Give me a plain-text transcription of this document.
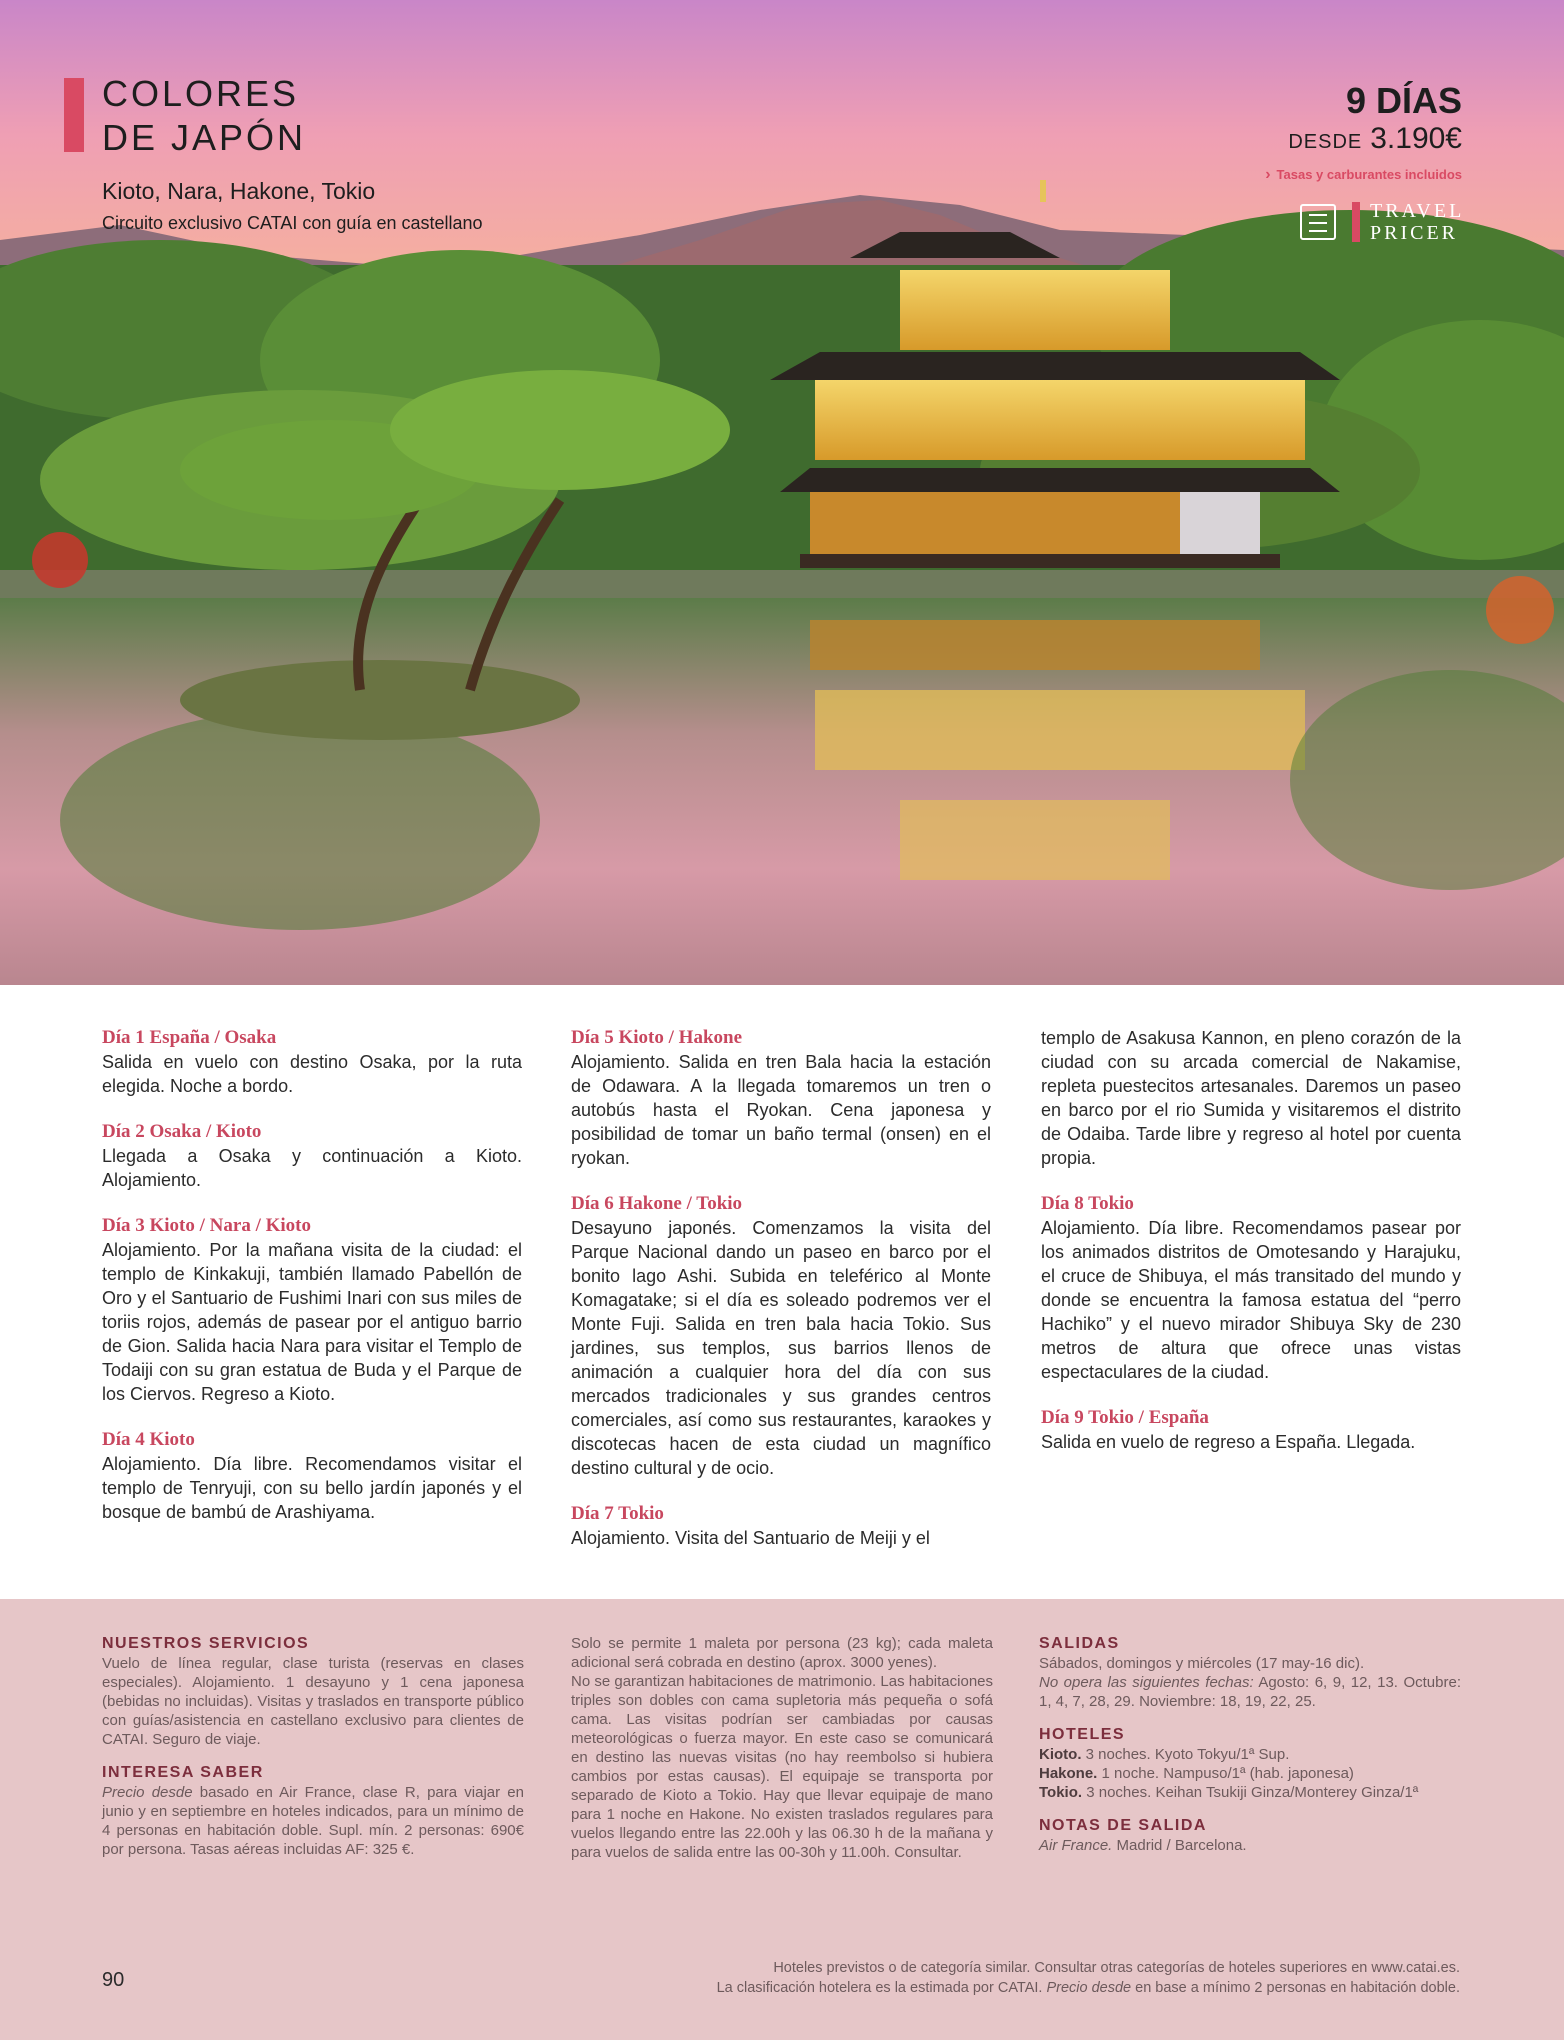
COLORES
DE JAPÓN
Kioto, Nara, Hakone, Tokio
Circuito exclusivo CATAI con guía en castellano
9 DÍAS
DESDE 3.190€
› Tasas y carburantes incluidos
TRAVEL
PRICER
Día 1 España / Osaka
Salida en vuelo con destino Osaka, por la ruta elegida. Noche a bordo.
Día 2 Osaka / Kioto
Llegada a Osaka y continuación a Kioto. Alojamiento.
Día 3 Kioto / Nara / Kioto
Alojamiento. Por la mañana visita de la ciudad: el templo de Kinkakuji, también llamado Pabellón de Oro y el Santuario de Fushimi Inari con sus miles de toriis rojos, además de pasear por el antiguo barrio de Gion. Salida hacia Nara para visitar el Templo de Todaiji con su gran estatua de Buda y el Parque de los Ciervos. Regreso a Kioto.
Día 4 Kioto
Alojamiento. Día libre. Recomendamos visitar el templo de Tenryuji, con su bello jardín japonés y el bosque de bambú de Arashiyama.
Día 5 Kioto / Hakone
Alojamiento. Salida en tren Bala hacia la estación de Odawara. A la llegada tomaremos un tren o autobús hasta el Ryokan. Cena japonesa y posibilidad de tomar un baño termal (onsen) en el ryokan.
Día 6 Hakone / Tokio
Desayuno japonés. Comenzamos la visita del Parque Nacional dando un paseo en barco por el bonito lago Ashi. Subida en teleférico al Monte Komagatake; si el día es soleado podremos ver el Monte Fuji. Salida en tren bala hacia Tokio. Sus jardines, sus templos, sus barrios llenos de animación a cualquier hora del día con sus mercados tradicionales y sus grandes centros comerciales, así como sus restaurantes, karaokes y discotecas hacen de esta ciudad un magnífico destino cultural y de ocio.
Día 7 Tokio
Alojamiento. Visita del Santuario de Meiji y el
templo de Asakusa Kannon, en pleno corazón de la ciudad con su arcada comercial de Nakamise, repleta puestecitos artesanales. Daremos un paseo en barco por el rio Sumida y visitaremos el distrito de Odaiba. Tarde libre y regreso al hotel por cuenta propia.
Día 8 Tokio
Alojamiento. Día libre. Recomendamos pasear por los animados distritos de Omotesando y Harajuku, el cruce de Shibuya, el más transitado del mundo y donde se encuentra la famosa estatua del “perro Hachiko” y el nuevo mirador Shibuya Sky de 230 metros de altura que ofrece unas vistas espectaculares de la ciudad.
Día 9 Tokio / España
Salida en vuelo de regreso a España. Llegada.
NUESTROS SERVICIOS
Vuelo de línea regular, clase turista (reservas en clases especiales). Alojamiento. 1 desayuno y 1 cena japonesa (bebidas no incluidas). Visitas y traslados en transporte público con guías/asistencia en castellano exclusivo para clientes de CATAI. Seguro de viaje.
INTERESA SABER
Precio desde basado en Air France, clase R, para viajar en junio y en septiembre en hoteles indicados, para un mínimo de 4 personas en habitación doble. Supl. mín. 2 personas: 690€ por persona. Tasas aéreas incluidas AF: 325 €.
Solo se permite 1 maleta por persona (23 kg); cada maleta adicional será cobrada en destino (aprox. 3000 yenes).
No se garantizan habitaciones de matrimonio. Las habitaciones triples son dobles con cama supletoria más pequeña o sofá cama. Las visitas podrían ser cambiadas por causas meteorológicas o fuerza mayor. En este caso se comunicará en destino las nuevas visitas (no hay reembolso si hubiera cambios por estas causas). El equipaje se transporta por separado de Kioto a Tokio. Hay que llevar equipaje de mano para 1 noche en Hakone. No existen traslados regulares para vuelos llegando entre las 22.00h y las 06.30 h de la mañana y para vuelos de salida entre las 00-30h y 11.00h. Consultar.
SALIDAS
Sábados, domingos y miércoles (17 may-16 dic).
No opera las siguientes fechas: Agosto: 6, 9, 12, 13. Octubre: 1, 4, 7, 28, 29. Noviembre: 18, 19, 22, 25.
HOTELES
Kioto. 3 noches. Kyoto Tokyu/1ª Sup.
Hakone. 1 noche. Nampuso/1ª (hab. japonesa)
Tokio. 3 noches. Keihan Tsukiji Ginza/Monterey Ginza/1ª
NOTAS DE SALIDA
Air France. Madrid / Barcelona.
90
Hoteles previstos o de categoría similar. Consultar otras categorías de hoteles superiores en www.catai.es.
La clasificación hotelera es la estimada por CATAI. Precio desde en base a mínimo 2 personas en habitación doble.
